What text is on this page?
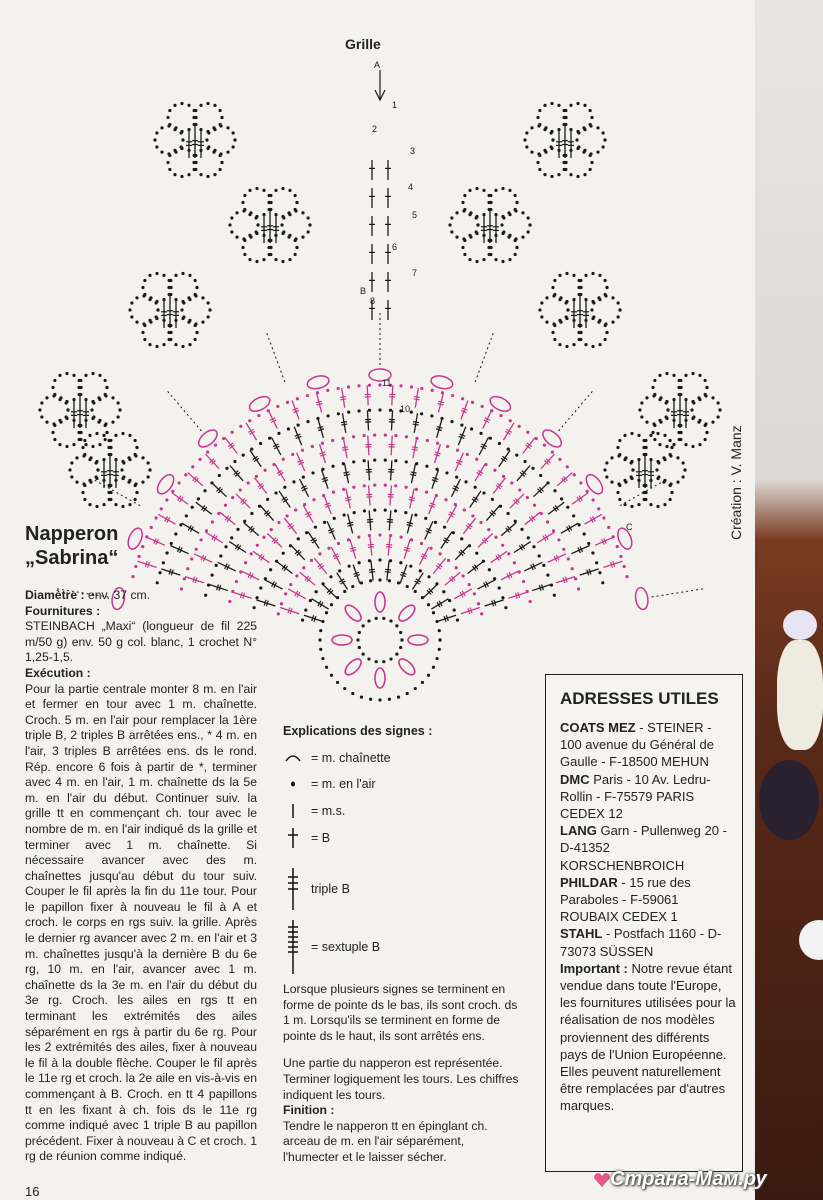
Grille
A
1
2
3
4
5
6
7
8
B
10
11
C	Création : V. Manz
Napperon
„Sabrina“
Diamètre : env. 37 cm.
Fournitures :
STEINBACH „Maxi“ (longueur de fil 225 m/50 g) env. 50 g col. blanc, 1 crochet N° 1,25-1,5.
Exécution :
Pour la partie centrale monter 8 m. en l'air et fermer en tour avec 1 m. chaînette. Croch. 5 m. en l'air pour remplacer la 1ère triple B, 2 triples B arrêtées ens., * 4 m. en l'air, 3 triples B arrêtées ens. ds le rond. Rép. encore 6 fois à partir de *, terminer avec 4 m. en l'air, 1 m. chaînette ds la 5e m. en l'air du début. Continuer suiv. la grille tt en commençant ch. tour avec le nombre de m. en l'air indiqué ds la grille et terminer avec 1 m. chaînette. Si nécessaire avancer avec des m. chaînettes jusqu'au début du tour suiv. Couper le fil après la fin du 11e tour. Pour le papillon fixer à nouveau le fil à A et croch. le corps en rgs suiv. la grille. Après le dernier rg avancer avec 2 m. en l'air et 3 m. chaînettes jusqu'à la dernière B du 6e rg, 10 m. en l'air, avancer avec 1 m. chaînette ds la 3e m. en l'air du début du 3e rg. Croch. les ailes en rgs tt en terminant les extrémités des ailes séparément en rgs à partir du 6e rg. Pour les 2 extrémités des ailes, fixer à nouveau le fil à la double flèche. Couper le fil après le 11e rg et croch. la 2e aile en vis-à-vis en commençant à B. Croch. en tt 4 papillons tt en les fixant à ch. fois ds le 11e rg comme indiqué avec 1 triple B au papillon précédent. Fixer à nouveau à C et croch. 1 rg de réunion comme indiqué.
Explications des signes :
= m. chaînette
= m. en l'air
= m.s.
= B
triple B
= sextuple B

Lorsque plusieurs signes se terminent en forme de pointe ds le bas, ils sont croch. ds 1 m. Lorsqu'ils se terminent en forme de pointe ds le haut, ils sont arrêtés ens.

Une partie du napperon est représentée. Terminer logiquement les tours. Les chiffres indiquent les tours.

Finition :
Tendre le napperon tt en épinglant ch. arceau de m. en l'air séparément, l'humecter et le laisser sécher.
ADRESSES UTILES
COATS MEZ - STEINER - 100 avenue du Général de Gaulle - F-18500 MEHUN
DMC Paris - 10 Av. Ledru-Rollin - F-75579 PARIS CEDEX 12
LANG Garn - Pullenweg 20 - D-41352 KORSCHENBROICH
PHILDAR - 15 rue des Paraboles - F-59061 ROUBAIX CEDEX 1
STAHL - Postfach 1160 - D-73073 SÜSSEN
Important : Notre revue étant vendue dans toute l'Europe, les fournitures utilisées pour la réalisation de nos modèles proviennent des différents pays de l'Union Européenne. Elles peuvent naturellement être remplacées par d'autres marques.
16
Страна-Мам.ру
